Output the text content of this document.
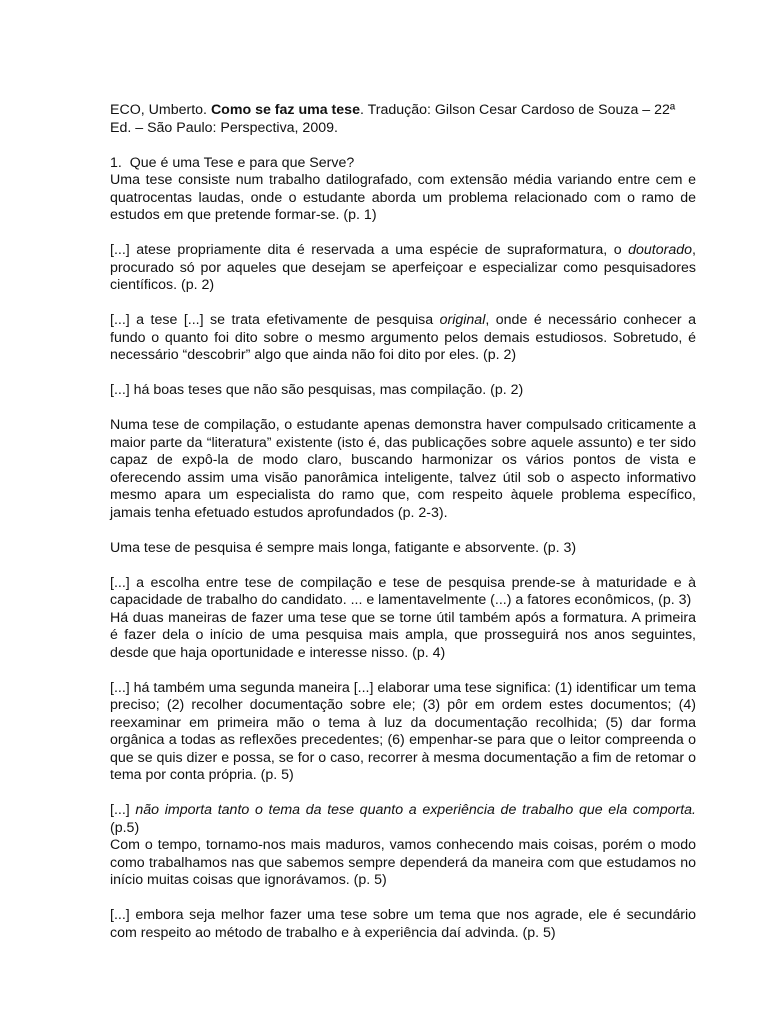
ECO, Umberto. Como se faz uma tese. Tradução: Gilson Cesar Cardoso de Souza – 22ª Ed. – São Paulo: Perspectiva, 2009.

1. Que é uma Tese e para que Serve?

Uma tese consiste num trabalho datilografado, com extensão média variando entre cem e quatrocentas laudas, onde o estudante aborda um problema relacionado com o ramo de estudos em que pretende formar-se. (p. 1)

[...] atese propriamente dita é reservada a uma espécie de supraformatura, o doutorado, procurado só por aqueles que desejam se aperfeiçoar e especializar como pesquisadores científicos. (p. 2)

[...] a tese [...] se trata efetivamente de pesquisa original, onde é necessário conhecer a fundo o quanto foi dito sobre o mesmo argumento pelos demais estudiosos. Sobretudo, é necessário “descobrir” algo que ainda não foi dito por eles. (p. 2)

[...] há boas teses que não são pesquisas, mas compilação. (p. 2)

Numa tese de compilação, o estudante apenas demonstra haver compulsado criticamente a maior parte da “literatura” existente (isto é, das publicações sobre aquele assunto) e ter sido capaz de expô-la de modo claro, buscando harmonizar os vários pontos de vista e oferecendo assim uma visão panorâmica inteligente, talvez útil sob o aspecto informativo mesmo apara um especialista do ramo que, com respeito àquele problema específico, jamais tenha efetuado estudos aprofundados (p. 2-3).

Uma tese de pesquisa é sempre mais longa, fatigante e absorvente. (p. 3)

[...] a escolha entre tese de compilação e tese de pesquisa prende-se à maturidade e à capacidade de trabalho do candidato. ... e lamentavelmente (...) a fatores econômicos, (p. 3)

Há duas maneiras de fazer uma tese que se torne útil também após a formatura. A primeira é fazer dela o início de uma pesquisa mais ampla, que prosseguirá nos anos seguintes, desde que haja oportunidade e interesse nisso. (p. 4)

[...] há também uma segunda maneira [...] elaborar uma tese significa: (1) identificar um tema preciso; (2) recolher documentação sobre ele; (3) pôr em ordem estes documentos; (4) reexaminar em primeira mão o tema à luz da documentação recolhida; (5) dar forma orgânica a todas as reflexões precedentes; (6) empenhar-se para que o leitor compreenda o que se quis dizer e possa, se for o caso, recorrer à mesma documentação a fim de retomar o tema por conta própria. (p. 5)

[...] não importa tanto o tema da tese quanto a experiência de trabalho que ela comporta. (p.5)

Com o tempo, tornamo-nos mais maduros, vamos conhecendo mais coisas, porém o modo como trabalhamos nas que sabemos sempre dependerá da maneira com que estudamos no início muitas coisas que ignorávamos. (p. 5)

[...] embora seja melhor fazer uma tese sobre um tema que nos agrade, ele é secundário com respeito ao método de trabalho e à experiência daí advinda. (p. 5)
